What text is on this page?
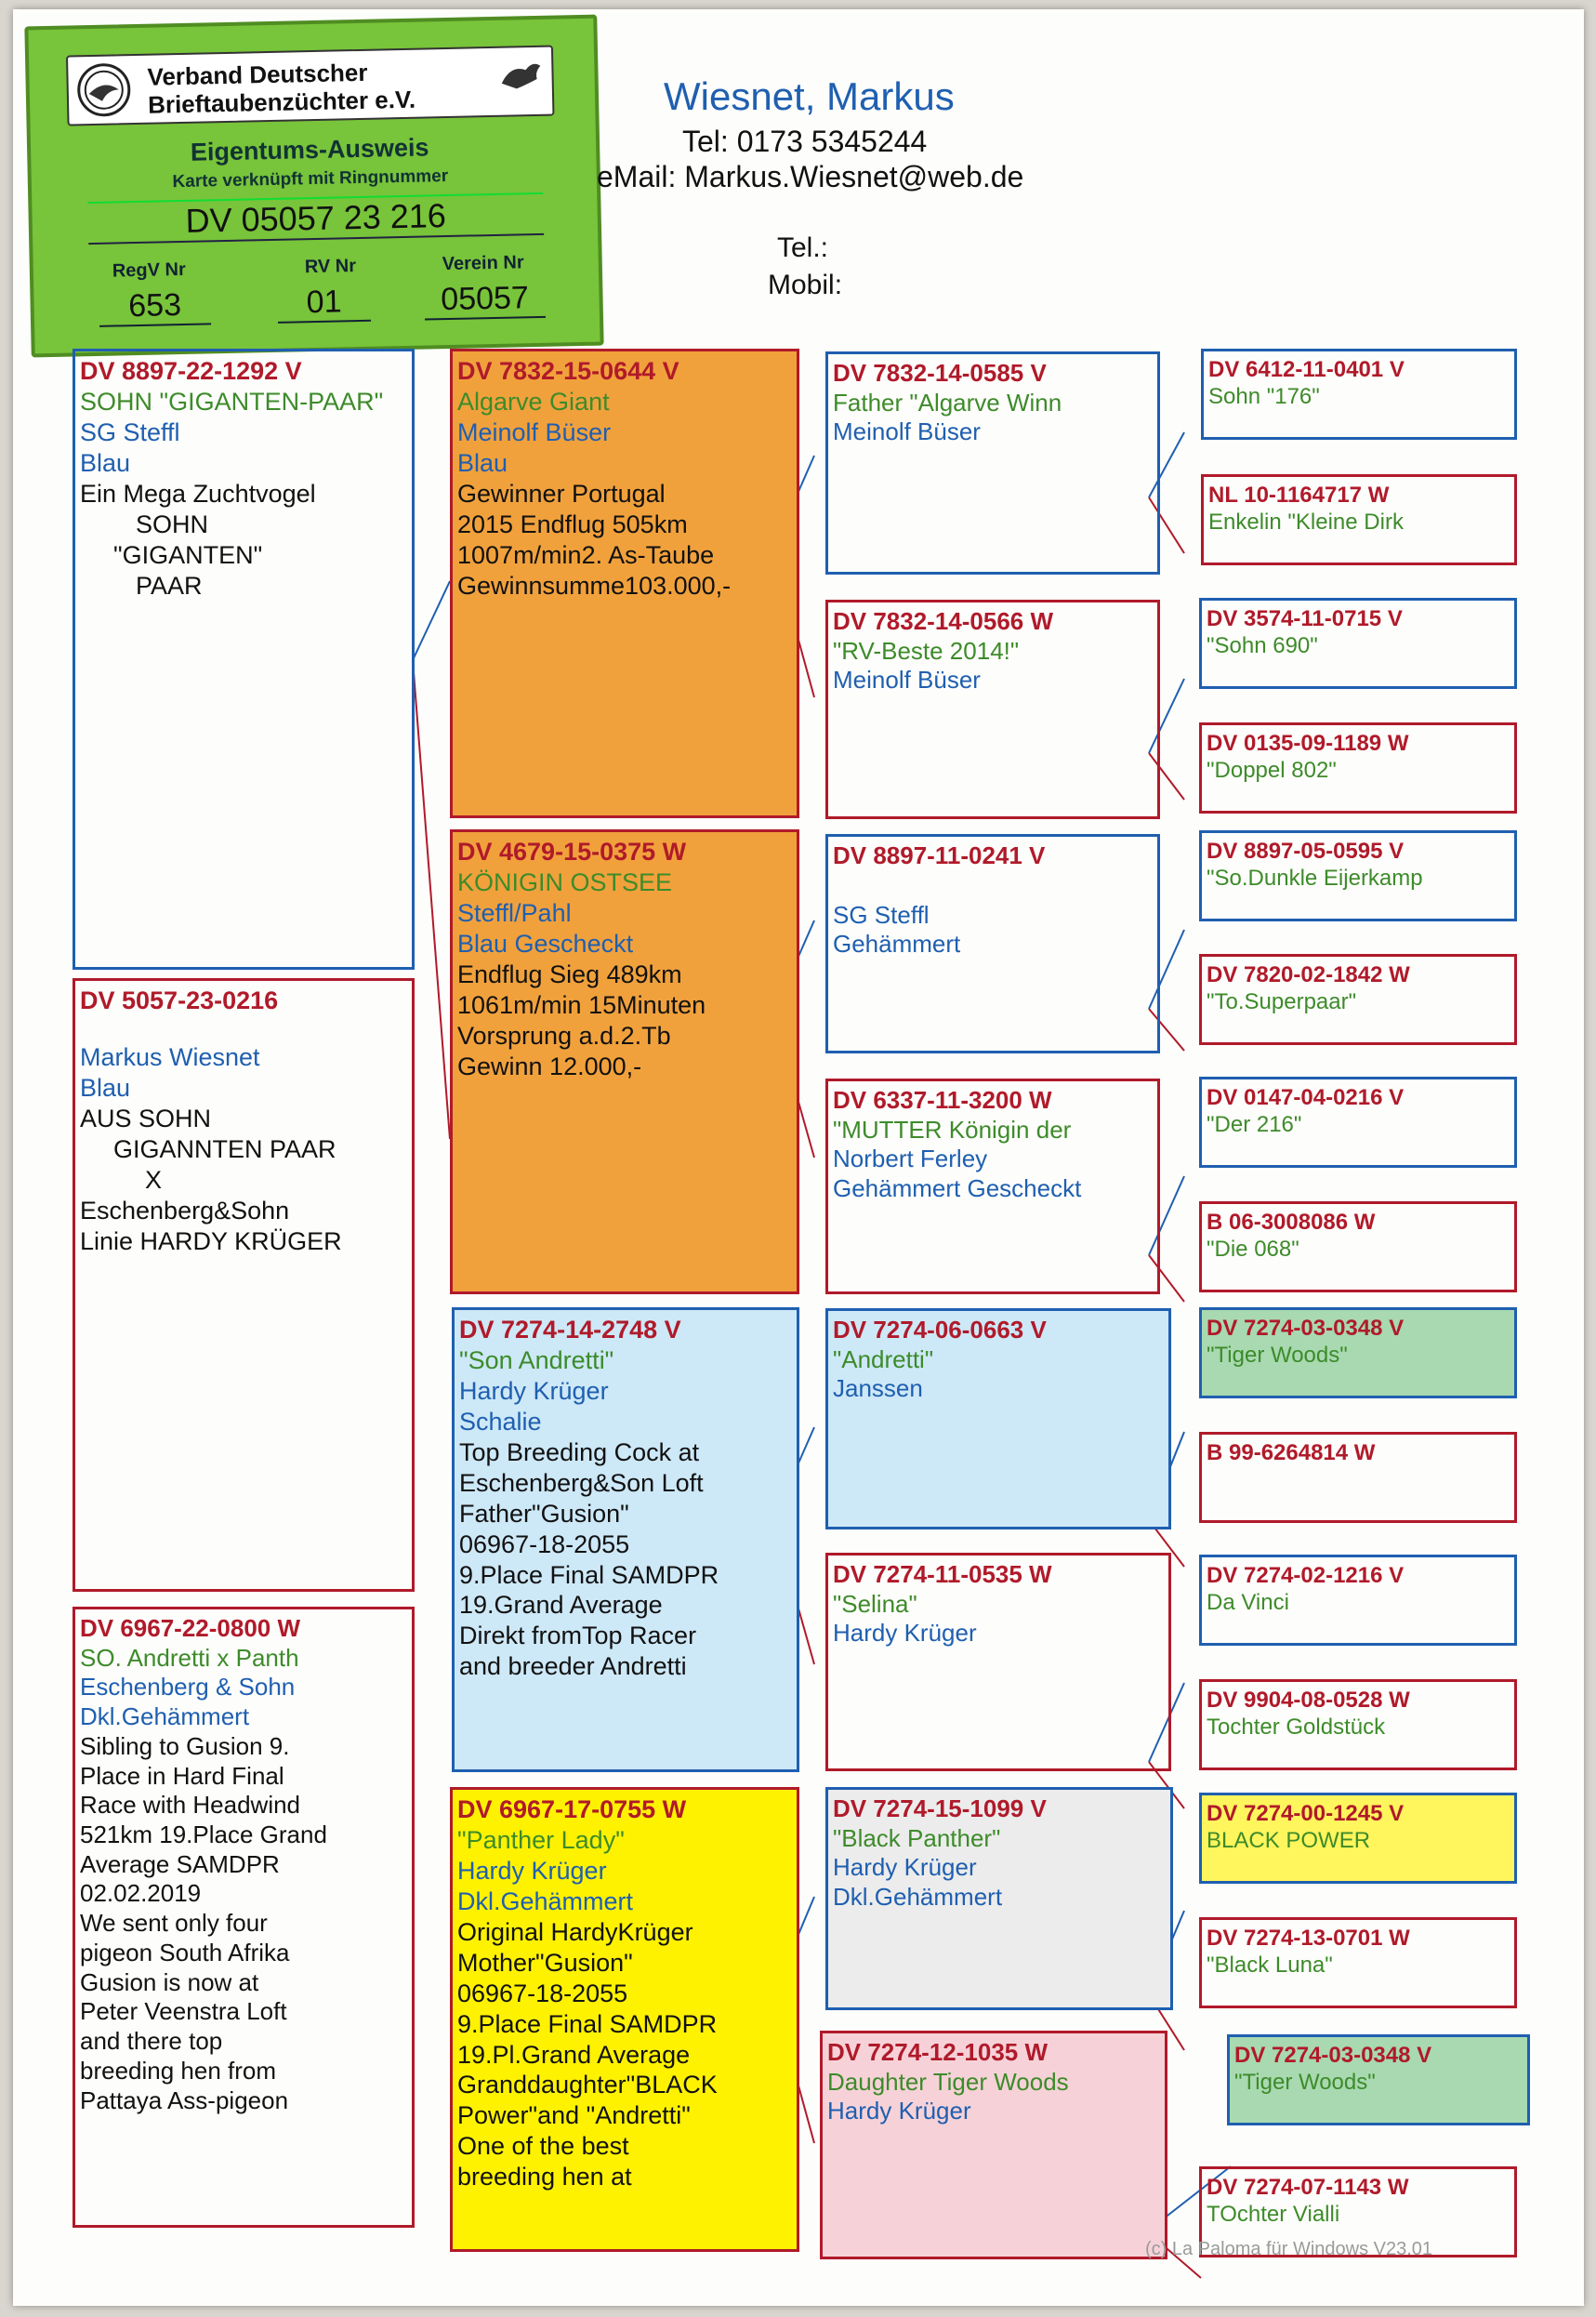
Verband Deutscher
Brieftaubenzüchter e.V.
Eigentums-Ausweis
Karte verknüpft mit Ringnummer
DV 05057 23 216
RegV Nr	RV Nr	Verein Nr
653	01	05057
Wiesnet, Markus
Tel: 0173 5345244
eMail: Markus.Wiesnet@web.de
Tel.:
Mobil:
DV 8897-22-1292 V
SOHN "GIGANTEN-PAAR"
SG Steffl
Blau
Ein Mega Zuchtvogel
SOHN
"GIGANTEN"
PAAR
DV 5057-23-0216
Markus Wiesnet
Blau
AUS SOHN
GIGANNTEN PAAR
X
Eschenberg&Sohn
Linie HARDY KRÜGER
DV 6967-22-0800 W
SO. Andretti x Panth
Eschenberg & Sohn
Dkl.Gehämmert
Sibling to Gusion 9.
Place in Hard Final
Race with Headwind
521km 19.Place Grand
Average SAMDPR
02.02.2019
We sent only four
pigeon South Afrika
Gusion is now at
Peter Veenstra Loft
and there top
breeding hen from
Pattaya Ass-pigeon
DV 7832-15-0644 V
Algarve Giant
Meinolf Büser
Blau
Gewinner Portugal
2015 Endflug 505km
1007m/min2. As-Taube
Gewinnsumme103.000,-
DV 4679-15-0375 W
KÖNIGIN OSTSEE
Steffl/Pahl
Blau Gescheckt
Endflug Sieg 489km
1061m/min 15Minuten
Vorsprung a.d.2.Tb
Gewinn 12.000,-
DV 7274-14-2748 V
"Son Andretti"
Hardy Krüger
Schalie
Top Breeding Cock at
Eschenberg&Son Loft
Father"Gusion"
06967-18-2055
9.Place Final SAMDPR
19.Grand Average
Direkt fromTop Racer
and breeder Andretti
DV 6967-17-0755 W
"Panther Lady"
Hardy Krüger
Dkl.Gehämmert
Original HardyKrüger
Mother"Gusion"
06967-18-2055
9.Place Final SAMDPR
19.Pl.Grand Average
Granddaughter"BLACK
Power"and "Andretti"
One of the best
breeding hen at
DV 7832-14-0585 V
Father "Algarve Winn
Meinolf Büser
DV 7832-14-0566 W
"RV-Beste 2014!"
Meinolf Büser
DV 8897-11-0241 V
SG Steffl
Gehämmert
DV 6337-11-3200 W
"MUTTER Königin der
Norbert Ferley
Gehämmert Gescheckt
DV 7274-06-0663 V
"Andretti"
Janssen
DV 7274-11-0535 W
"Selina"
Hardy Krüger
DV 7274-15-1099 V
"Black Panther"
Hardy Krüger
Dkl.Gehämmert
DV 7274-12-1035 W
Daughter Tiger Woods
Hardy Krüger
DV 6412-11-0401 V
Sohn "176"
NL 10-1164717 W
Enkelin "Kleine Dirk
DV 3574-11-0715 V
"Sohn 690"
DV 0135-09-1189 W
"Doppel 802"
DV 8897-05-0595 V
"So.Dunkle Eijerkamp
DV 7820-02-1842 W
"To.Superpaar"
DV 0147-04-0216 V
"Der 216"
B 06-3008086 W
"Die 068"
DV 7274-03-0348 V
"Tiger Woods"
B 99-6264814 W
DV 7274-02-1216 V
Da Vinci
DV 9904-08-0528 W
Tochter Goldstück
DV 7274-00-1245 V
BLACK POWER
DV 7274-13-0701 W
"Black Luna"
DV 7274-03-0348 V
"Tiger Woods"
DV 7274-07-1143 W
TOchter Vialli
(c) La Paloma für Windows V23.01
